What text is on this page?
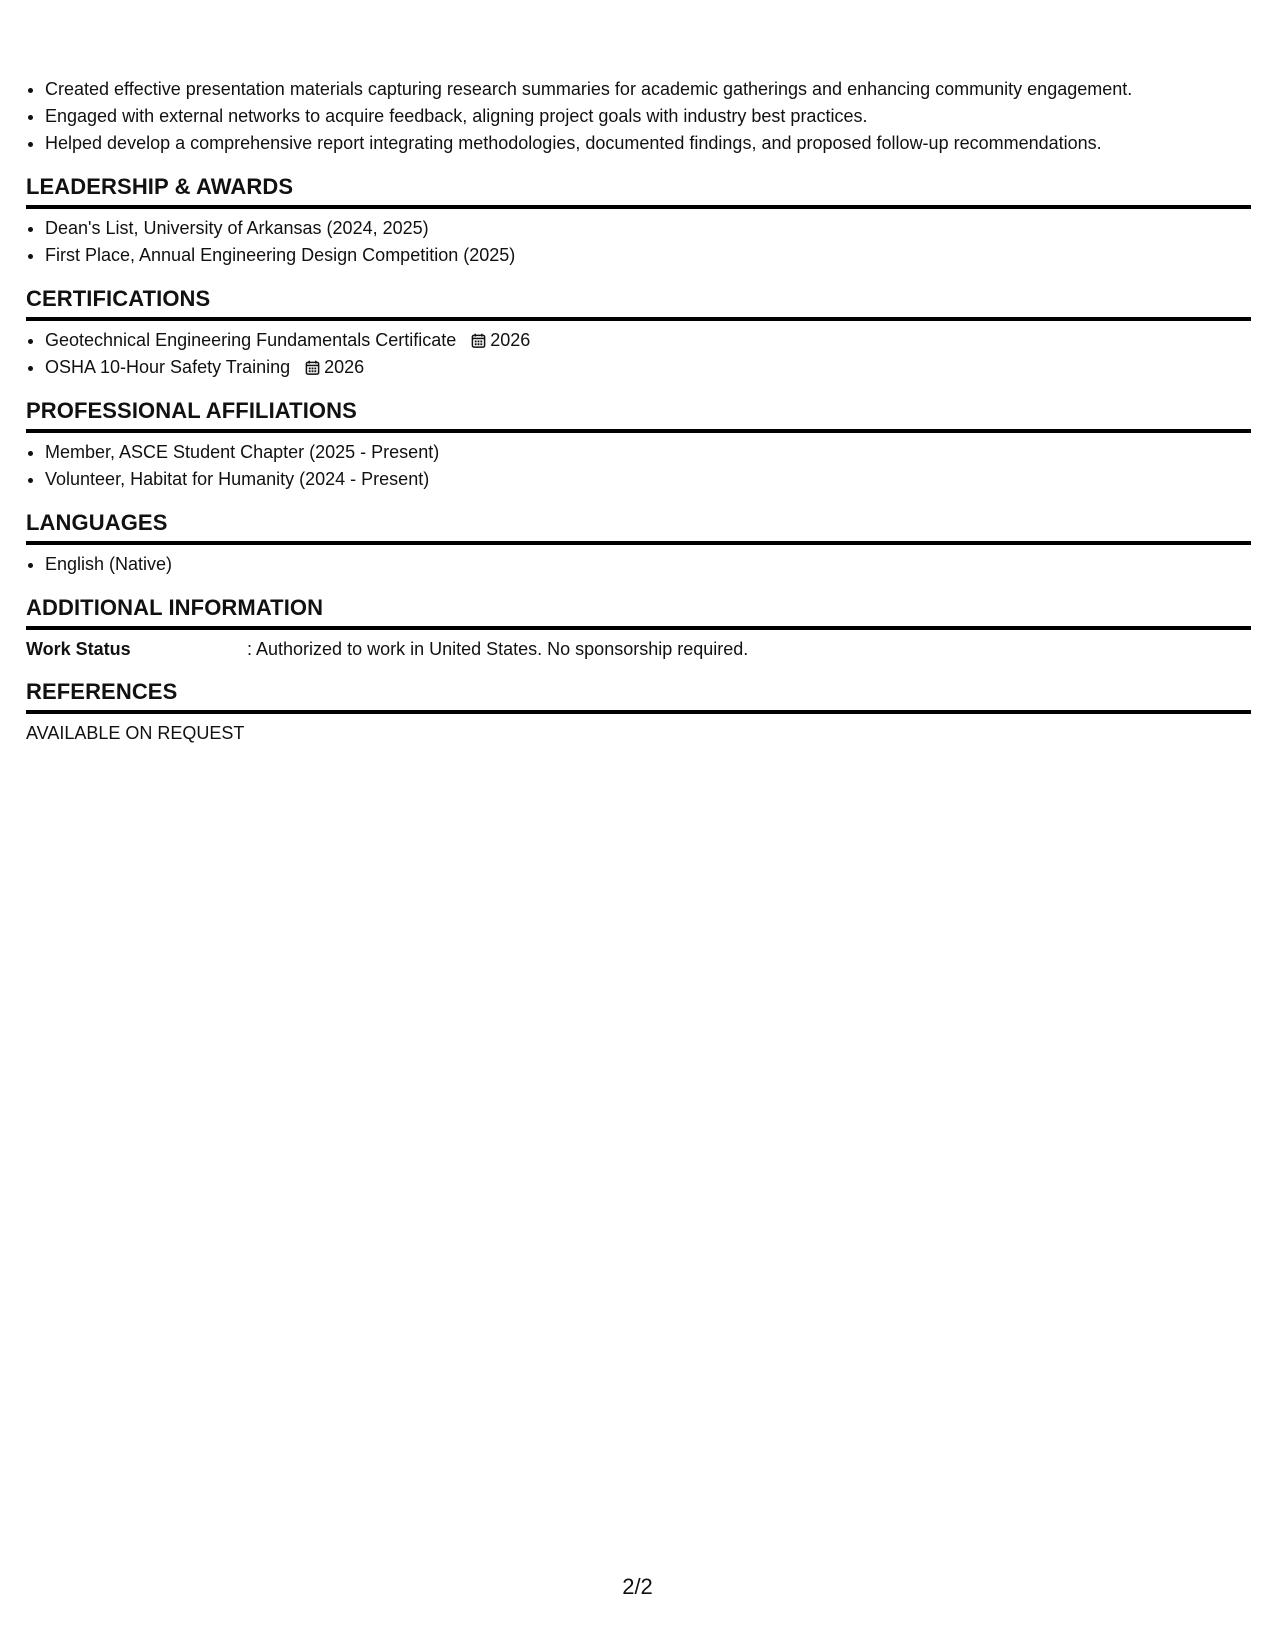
• Created effective presentation materials capturing research summaries for academic gatherings and enhancing community engagement.
• Engaged with external networks to acquire feedback, aligning project goals with industry best practices.
• Helped develop a comprehensive report integrating methodologies, documented findings, and proposed follow-up recommendations.
LEADERSHIP & AWARDS
• Dean's List, University of Arkansas (2024, 2025)
• First Place, Annual Engineering Design Competition (2025)
CERTIFICATIONS
• Geotechnical Engineering Fundamentals Certificate 2026
• OSHA 10-Hour Safety Training 2026
PROFESSIONAL AFFILIATIONS
• Member, ASCE Student Chapter (2025 - Present)
• Volunteer, Habitat for Humanity (2024 - Present)
LANGUAGES
• English (Native)
ADDITIONAL INFORMATION
Work Status	: Authorized to work in United States. No sponsorship required.
REFERENCES
AVAILABLE ON REQUEST
2/2
